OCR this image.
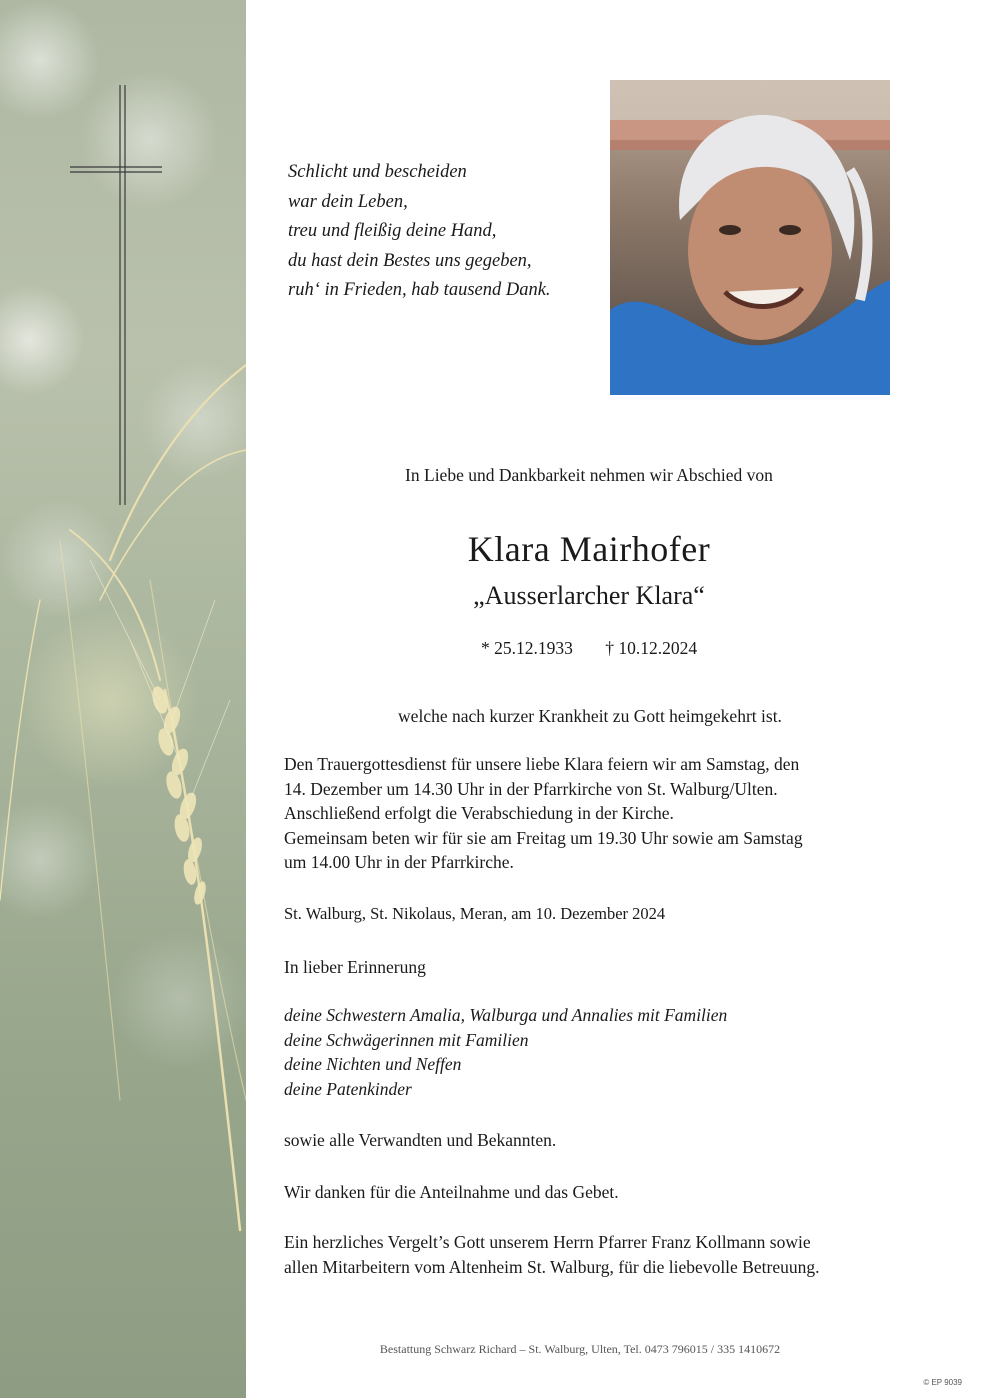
Schlicht und bescheiden
war dein Leben,
treu und fleißig deine Hand,
du hast dein Bestes uns gegeben,
ruh‘ in Frieden, hab tausend Dank.
In Liebe und Dankbarkeit nehmen wir Abschied von
Klara Mairhofer
„Ausserlarcher Klara“
* 25.12.1933 † 10.12.2024
welche nach kurzer Krankheit zu Gott heimgekehrt ist.
Den Trauergottesdienst für unsere liebe Klara feiern wir am Samstag, den
14. Dezember um 14.30 Uhr in der Pfarrkirche von St. Walburg/Ulten.
Anschließend erfolgt die Verabschiedung in der Kirche.
Gemeinsam beten wir für sie am Freitag um 19.30 Uhr sowie am Samstag
um 14.00 Uhr in der Pfarrkirche.
St. Walburg, St. Nikolaus, Meran, am 10. Dezember 2024
In lieber Erinnerung
deine Schwestern Amalia, Walburga und Annalies mit Familien
deine Schwägerinnen mit Familien
deine Nichten und Neffen
deine Patenkinder
sowie alle Verwandten und Bekannten.
Wir danken für die Anteilnahme und das Gebet.
Ein herzliches Vergelt’s Gott unserem Herrn Pfarrer Franz Kollmann sowie
allen Mitarbeitern vom Altenheim St. Walburg, für die liebevolle Betreuung.
Bestattung Schwarz Richard – St. Walburg, Ulten, Tel. 0473 796015 / 335 1410672
© EP 9039
